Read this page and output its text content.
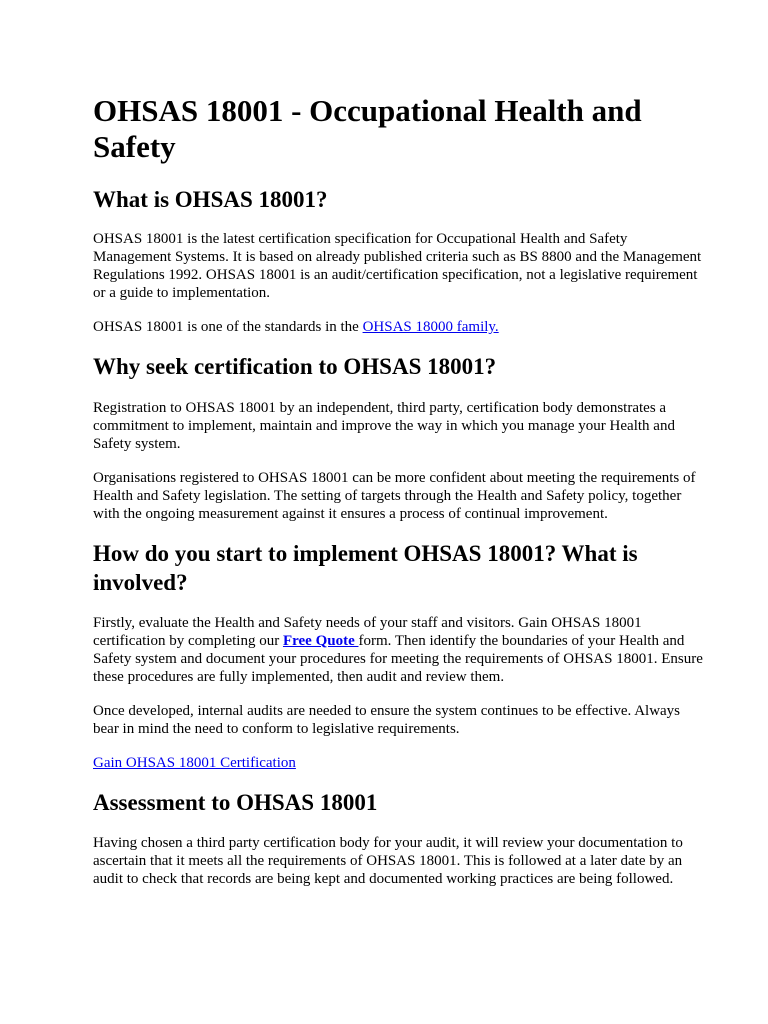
OHSAS 18001 - Occupational Health and Safety
What is OHSAS 18001?

OHSAS 18001 is the latest certification specification for Occupational Health and Safety Management Systems. It is based on already published criteria such as BS 8800 and the Management Regulations 1992. OHSAS 18001 is an audit/certification specification, not a legislative requirement or a guide to implementation.

OHSAS 18001 is one of the standards in the OHSAS 18000 family.

Why seek certification to OHSAS 18001?

Registration to OHSAS 18001 by an independent, third party, certification body demonstrates a commitment to implement, maintain and improve the way in which you manage your Health and Safety system.

Organisations registered to OHSAS 18001 can be more confident about meeting the requirements of Health and Safety legislation. The setting of targets through the Health and Safety policy, together with the ongoing measurement against it ensures a process of continual improvement.

How do you start to implement OHSAS 18001? What is involved?

Firstly, evaluate the Health and Safety needs of your staff and visitors. Gain OHSAS 18001 certification by completing our Free Quote form. Then identify the boundaries of your Health and Safety system and document your procedures for meeting the requirements of OHSAS 18001. Ensure these procedures are fully implemented, then audit and review them.

Once developed, internal audits are needed to ensure the system continues to be effective. Always bear in mind the need to conform to legislative requirements.

Gain OHSAS 18001 Certification

Assessment to OHSAS 18001

Having chosen a third party certification body for your audit, it will review your documentation to ascertain that it meets all the requirements of OHSAS 18001. This is followed at a later date by an audit to check that records are being kept and documented working practices are being followed.
